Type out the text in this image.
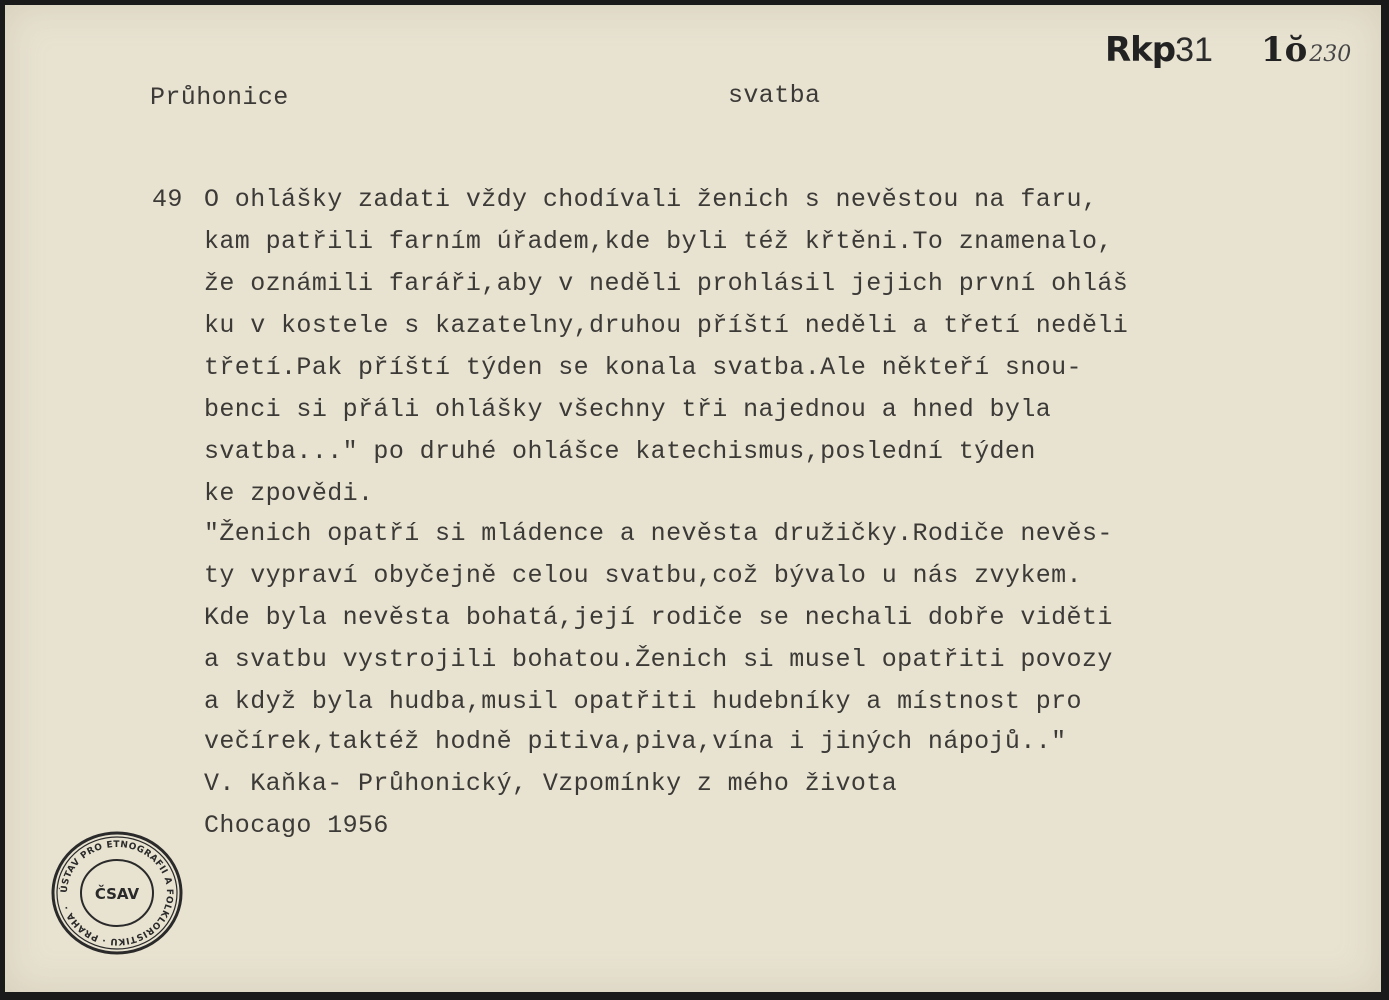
Průhonice	svatba
Rkp31 1ŏ230
49 O ohlášky zadati vždy chodívali ženich s nevěstou na faru,
kam patřili farním úřadem,kde byli též křtěni.To znamenalo,
že oznámili faráři,aby v neděli prohlásil jejich první ohláš
ku v kostele s kazatelny,druhou příští neděli a třetí neděli
třetí.Pak příští týden se konala svatba.Ale někteří snou-
benci si přáli ohlášky všechny tři najednou a hned byla
svatba..." po druhé ohlášce katechismus,poslední týden
ke zpovědi.
"Ženich opatří si mládence a nevěsta družičky.Rodiče nevěs-
ty vypraví obyčejně celou svatbu,což bývalo u nás zvykem.
Kde byla nevěsta bohatá,její rodiče se nechali dobře viděti
a svatbu vystrojili bohatou.Ženich si musel opatřiti povozy
a když byla hudba,musil opatřiti hudebníky a místnost pro
večírek,taktéž hodně pitiva,piva,vína i jiných nápojů.."
V. Kaňka- Průhonický, Vzpomínky z mého života
Chocago 1956
ÚSTAV PRO ETNOGRAFII A FOLKLORISTIKU · PRAHA ·
ČSAV
